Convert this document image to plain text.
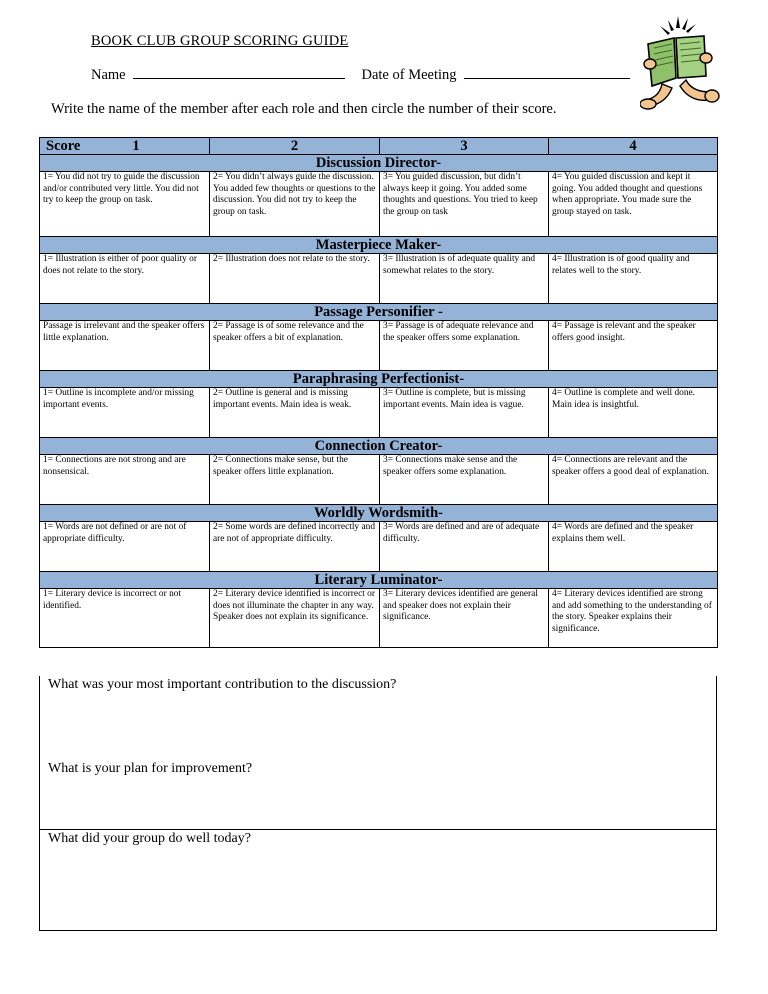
BOOK CLUB GROUP SCORING GUIDE
Name	Date of Meeting
Write the name of the member after each role and then circle the number of their score.
Score 1	2	3	4
Discussion Director-			
1= You did not try to guide the discussion and/or contributed very little. You did not try to keep the group on task.	2= You didn’t always guide the discussion. You added few thoughts or questions to the discussion. You did not try to keep the group on task.	3= You guided discussion, but didn’t always keep it going. You added some thoughts and questions. You tried to keep the group on task	4= You guided discussion and kept it going. You added thought and questions when appropriate. You made sure the group stayed on task.
Masterpiece Maker-			
1= Illustration is either of poor quality or does not relate to the story.	2= Illustration does not relate to the story.	3= Illustration is of adequate quality and somewhat relates to the story.	4= Illustration is of good quality and relates well to the story.
Passage Personifier -			
Passage is irrelevant and the speaker offers little explanation.	2= Passage is of some relevance and the speaker offers a bit of explanation.	3= Passage is of adequate relevance and the speaker offers some explanation.	4= Passage is relevant and the speaker offers good insight.
Paraphrasing Perfectionist-			
1= Outline is incomplete and/or missing important events.	2= Outline is general and is missing important events. Main idea is weak.	3= Outline is complete, but is missing important events. Main idea is vague.	4= Outline is complete and well done. Main idea is insightful.
Connection Creator-			
1= Connections are not strong and are nonsensical.	2= Connections make sense, but the speaker offers little explanation.	3= Connections make sense and the speaker offers some explanation.	4= Connections are relevant and the speaker offers a good deal of explanation.
Worldly Wordsmith-			
1= Words are not defined or are not of appropriate difficulty.	2= Some words are defined incorrectly and are not of appropriate difficulty.	3= Words are defined and are of adequate difficulty.	4= Words are defined and the speaker explains them well.
Literary Luminator-			
1= Literary device is incorrect or not identified.	2= Literary device identified is incorrect or does not illuminate the chapter in any way. Speaker does not explain its significance.	3= Literary devices identified are general and speaker does not explain their significance.	4= Literary devices identified are strong and add something to the understanding of the story. Speaker explains their significance.
What was your most important contribution to the discussion?
What is your plan for improvement?
What did your group do well today?
